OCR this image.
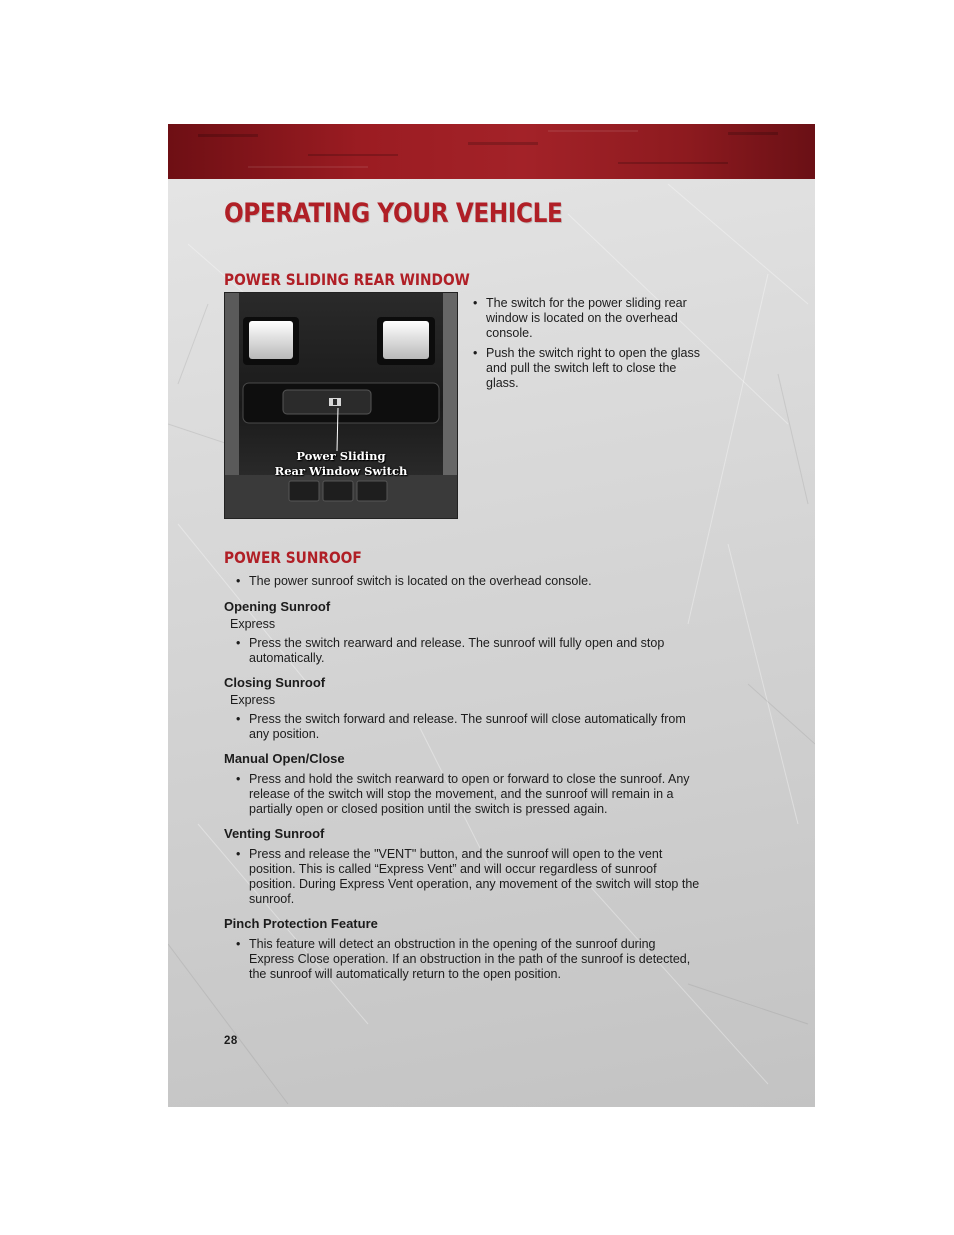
OPERATING YOUR VEHICLE
POWER SLIDING REAR WINDOW
Power Sliding
Rear Window Switch
• The switch for the power sliding rear window is located on the overhead console.
• Push the switch right to open the glass and pull the switch left to close the glass.
POWER SUNROOF
• The power sunroof switch is located on the overhead console.

Opening Sunroof

Express

• Press the switch rearward and release. The sunroof will fully open and stop automatically.

Closing Sunroof

Express

• Press the switch forward and release. The sunroof will close automatically from any position.

Manual Open/Close

• Press and hold the switch rearward to open or forward to close the sunroof. Any release of the switch will stop the movement, and the sunroof will remain in a partially open or closed position until the switch is pressed again.

Venting Sunroof

• Press and release the "VENT" button, and the sunroof will open to the vent position. This is called “Express Vent” and will occur regardless of sunroof position. During Express Vent operation, any movement of the switch will stop the sunroof.

Pinch Protection Feature

• This feature will detect an obstruction in the opening of the sunroof during Express Close operation. If an obstruction in the path of the sunroof is detected, the sunroof will automatically return to the open position.
28
